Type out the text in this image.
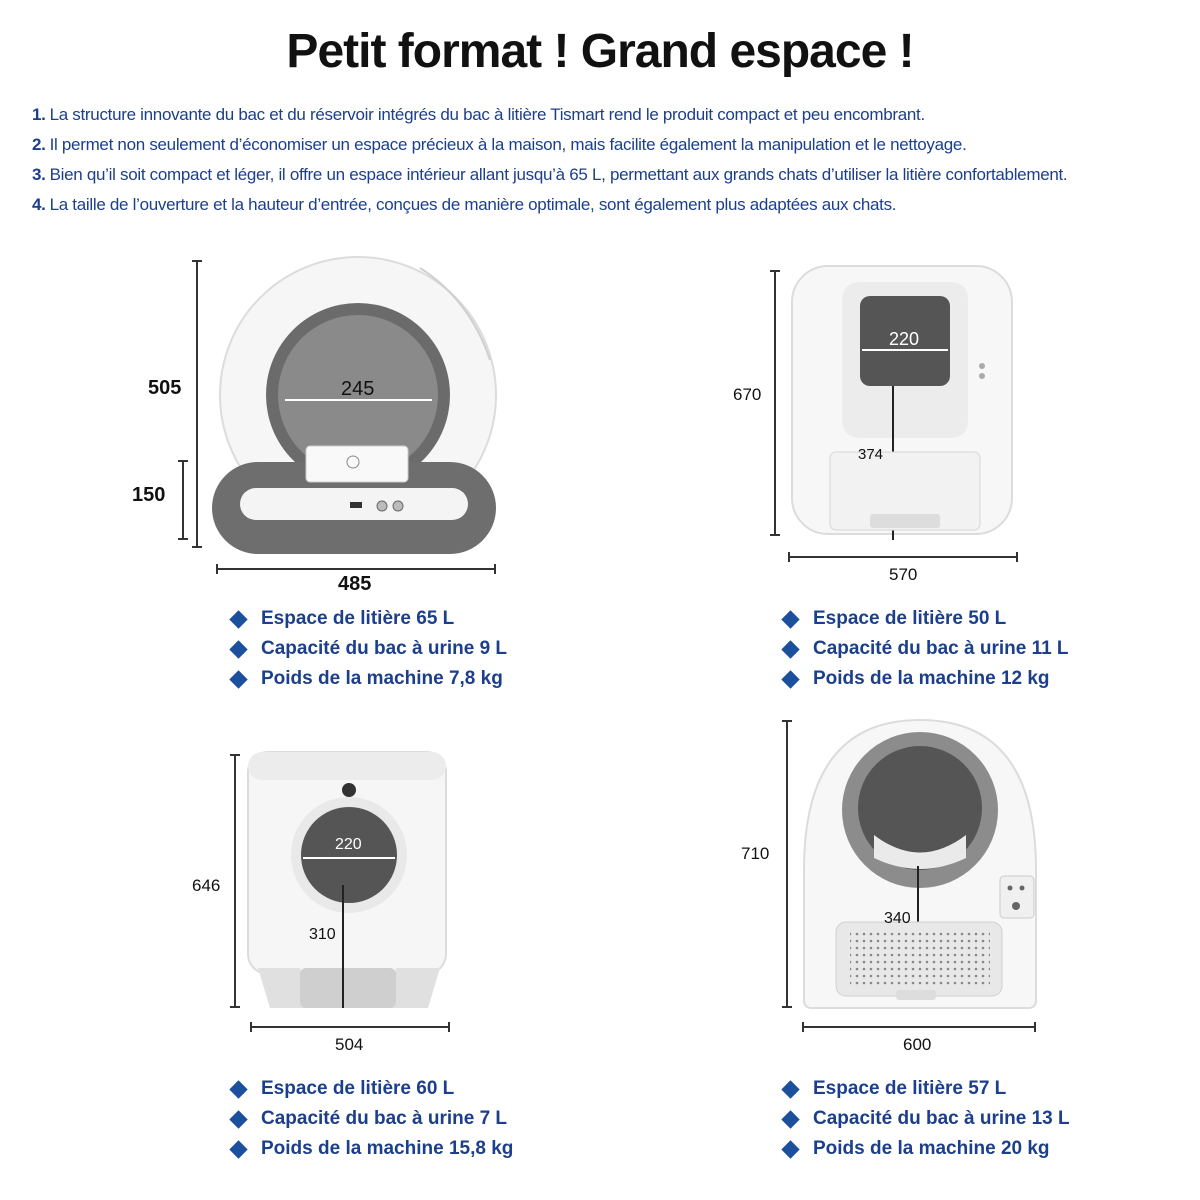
Petit format ! Grand espace !
1. La structure innovante du bac et du réservoir intégrés du bac à litière Tismart rend le produit compact et peu encombrant.
2. Il permet non seulement d’économiser un espace précieux à la maison, mais facilite également la manipulation et le nettoyage.
3. Bien qu’il soit compact et léger, il offre un espace intérieur allant jusqu’à 65 L, permettant aux grands chats d’utiliser la litière confortablement.
4. La taille de l’ouverture et la hauteur d’entrée, conçues de manière optimale, sont également plus adaptées aux chats.
505
150
485
245
Espace de litière 65 L
Capacité du bac à urine 9 L
Poids de la machine 7,8 kg
670
570
220
374
Espace de litière 50 L
Capacité du bac à urine 11 L
Poids de la machine 12 kg
646
504
220
310
Espace de litière 60 L
Capacité du bac à urine 7 L
Poids de la machine 15,8 kg
710
600
340
Espace de litière 57 L
Capacité du bac à urine 13 L
Poids de la machine 20 kg
